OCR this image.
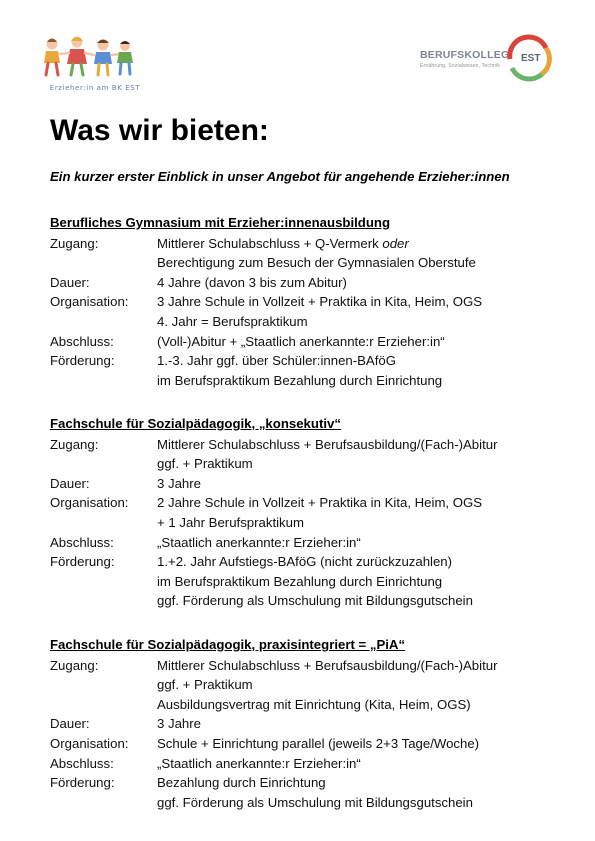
Erzieher:in am BK EST
BERUFSKOLLEG
Ernährung, Sozialwesen, Technik
EST
Was wir bieten:

Ein kurzer erster Einblick in unser Angebot für angehende Erzieher:innen

Berufliches Gymnasium mit Erzieher:innenausbildung
Zugang:	Mittlerer Schulabschluss + Q-Vermerk oder
Berechtigung zum Besuch der Gymnasialen Oberstufe
Dauer:	4 Jahre (davon 3 bis zum Abitur)
Organisation:	3 Jahre Schule in Vollzeit + Praktika in Kita, Heim, OGS
4. Jahr = Berufspraktikum
Abschluss:	(Voll-)Abitur + „Staatlich anerkannte:r Erzieher:in“
Förderung:	1.-3. Jahr ggf. über Schüler:innen-BAföG
im Berufspraktikum Bezahlung durch Einrichtung
Fachschule für Sozialpädagogik, „konsekutiv“
Zugang:	Mittlerer Schulabschluss + Berufsausbildung/(Fach-)Abitur
ggf. + Praktikum
Dauer:	3 Jahre
Organisation:	2 Jahre Schule in Vollzeit + Praktika in Kita, Heim, OGS
+ 1 Jahr Berufspraktikum
Abschluss:	„Staatlich anerkannte:r Erzieher:in“
Förderung:	1.+2. Jahr Aufstiegs-BAföG (nicht zurückzuzahlen)
im Berufspraktikum Bezahlung durch Einrichtung
ggf. Förderung als Umschulung mit Bildungsgutschein
Fachschule für Sozialpädagogik, praxisintegriert = „PiA“
Zugang:	Mittlerer Schulabschluss + Berufsausbildung/(Fach-)Abitur
ggf. + Praktikum
Ausbildungsvertrag mit Einrichtung (Kita, Heim, OGS)
Dauer:	3 Jahre
Organisation:	Schule + Einrichtung parallel (jeweils 2+3 Tage/Woche)
Abschluss:	„Staatlich anerkannte:r Erzieher:in“
Förderung:	Bezahlung durch Einrichtung
ggf. Förderung als Umschulung mit Bildungsgutschein
